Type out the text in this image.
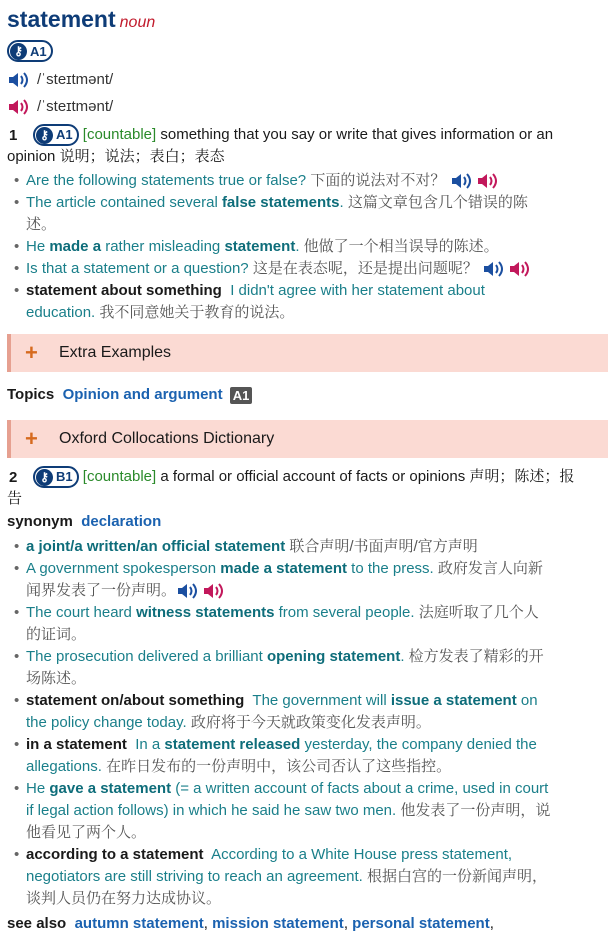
statement noun
⚷ A1
/ˈsteɪtmənt/
/ˈsteɪtmənt/
1	⚷ A1 [countable] something that you say or write that gives information or an
opinion 说明；说法；表白；表态
• Are the following statements true or false? 下面的说法对不对？
• The article contained several false statements. 这篇文章包含几个错误的陈
述。
• He made a rather misleading statement. 他做了一个相当误导的陈述。
• Is that a statement or a question? 这是在表态呢，还是提出问题呢？
• statement about something I didn't agree with her statement about
education. 我不同意她关于教育的说法。
+	Extra Examples
Topics Opinion and argument A1
+	Oxford Collocations Dictionary
2	⚷ B1 [countable] a formal or official account of facts or opinions 声明；陈述；报
告
synonym declaration
• a joint/a written/an official statement 联合声明/书面声明/官方声明
• A government spokesperson made a statement to the press. 政府发言人向新
闻界发表了一份声明。
• The court heard witness statements from several people. 法庭听取了几个人
的证词。
• The prosecution delivered a brilliant opening statement. 检方发表了精彩的开
场陈述。
• statement on/about something The government will issue a statement on
the policy change today. 政府将于今天就政策变化发表声明。
• in a statement In a statement released yesterday, the company denied the
allegations. 在昨日发布的一份声明中，该公司否认了这些指控。
• He gave a statement (= a written account of facts about a crime, used in court
if legal action follows) in which he said he saw two men. 他发表了一份声明，说
他看见了两个人。
• according to a statement According to a White House press statement,
negotiators are still striving to reach an agreement. 根据白宫的一份新闻声明，
谈判人员仍在努力达成协议。
see also autumn statement, mission statement, personal statement,
